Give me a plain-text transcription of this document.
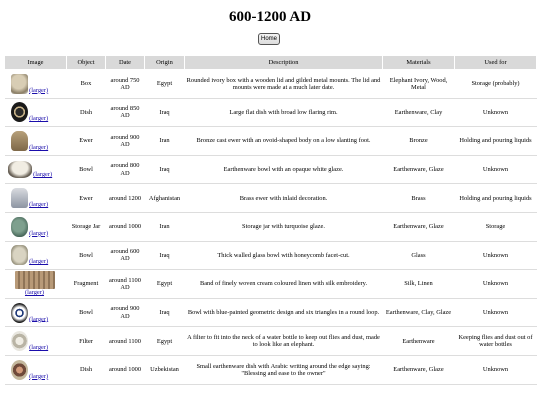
600-1200 AD
Home
Image	Object	Date	Origin	Description	Materials	Used for
(larger)	Box	around 750 AD	Egypt	Rounded ivory box with a wooden lid and gilded metal mounts. The lid and mounts were made at a much later date.	Elephant Ivory, Wood, Metal	Storage (probably)
(larger)	Dish	around 850 AD	Iraq	Large flat dish with broad low flaring rim.	Earthenware, Clay	Unknown
(larger)	Ewer	around 900 AD	Iran	Bronze cast ewer with an ovoid-shaped body on a low slanting foot.	Bronze	Holding and pouring liquids
(larger)	Bowl	around 800 AD	Iraq	Earthenware bowl with an opaque white glaze.	Earthenware, Glaze	Unknown
(larger)	Ewer	around 1200	Afghanistan	Brass ewer with inlaid decoration.	Brass	Holding and pouring liquids
(larger)	Storage Jar	around 1000	Iran	Storage jar with turquoise glaze.	Earthenware, Glaze	Storage
(larger)	Bowl	around 600 AD	Iraq	Thick walled glass bowl with honeycomb facet-cut.	Glass	Unknown

(larger)	Fragment	around 1100 AD	Egypt	Band of finely woven cream coloured linen with silk embroidery.	Silk, Linen	Unknown
(larger)	Bowl	around 900 AD	Iraq	Bowl with blue-painted geometric design and six triangles in a round loop.	Earthenware, Clay, Glaze	Unknown
(larger)	Filter	around 1100	Egypt	A filter to fit into the neck of a water bottle to keep out flies and dust, made to look like an elephant.	Earthenware	Keeping flies and dust out of water bottles
(larger)	Dish	around 1000	Uzbekistan	Small earthenware dish with Arabic writing around the edge saying: "Blessing and ease to the owner"	Earthenware, Glaze	Unknown
